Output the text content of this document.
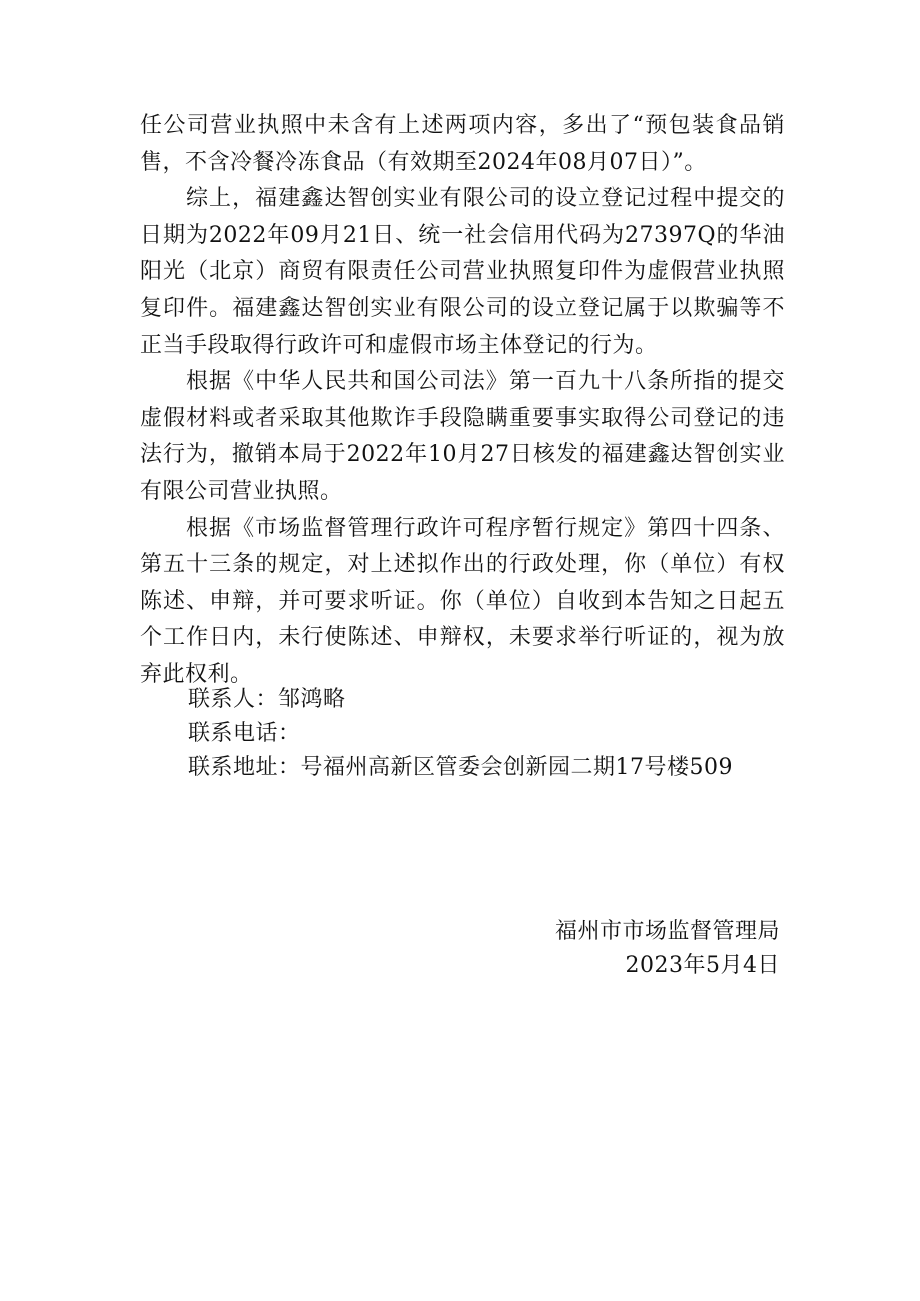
任公司营业执照中未含有上述两项内容，多出了“预包装食品销售，不含冷餐冷冻食品（有效期至2024年08月07日）”。

综上，福建鑫达智创实业有限公司的设立登记过程中提交的日期为2022年09月21日、统一社会信用代码为27397Q的华油阳光（北京）商贸有限责任公司营业执照复印件为虚假营业执照复印件。福建鑫达智创实业有限公司的设立登记属于以欺骗等不正当手段取得行政许可和虚假市场主体登记的行为。

根据《中华人民共和国公司法》第一百九十八条所指的提交虚假材料或者采取其他欺诈手段隐瞒重要事实取得公司登记的违法行为，撤销本局于2022年10月27日核发的福建鑫达智创实业有限公司营业执照。

根据《市场监督管理行政许可程序暂行规定》第四十四条、第五十三条的规定，对上述拟作出的行政处理，你（单位）有权陈述、申辩，并可要求听证。你（单位）自收到本告知之日起五个工作日内，未行使陈述、申辩权，未要求举行听证的，视为放弃此权利。

联系人：邹鸿略

联系电话：

联系地址：号福州高新区管委会创新园二期17号楼509

福州市市场监督管理局

2023年5月4日
